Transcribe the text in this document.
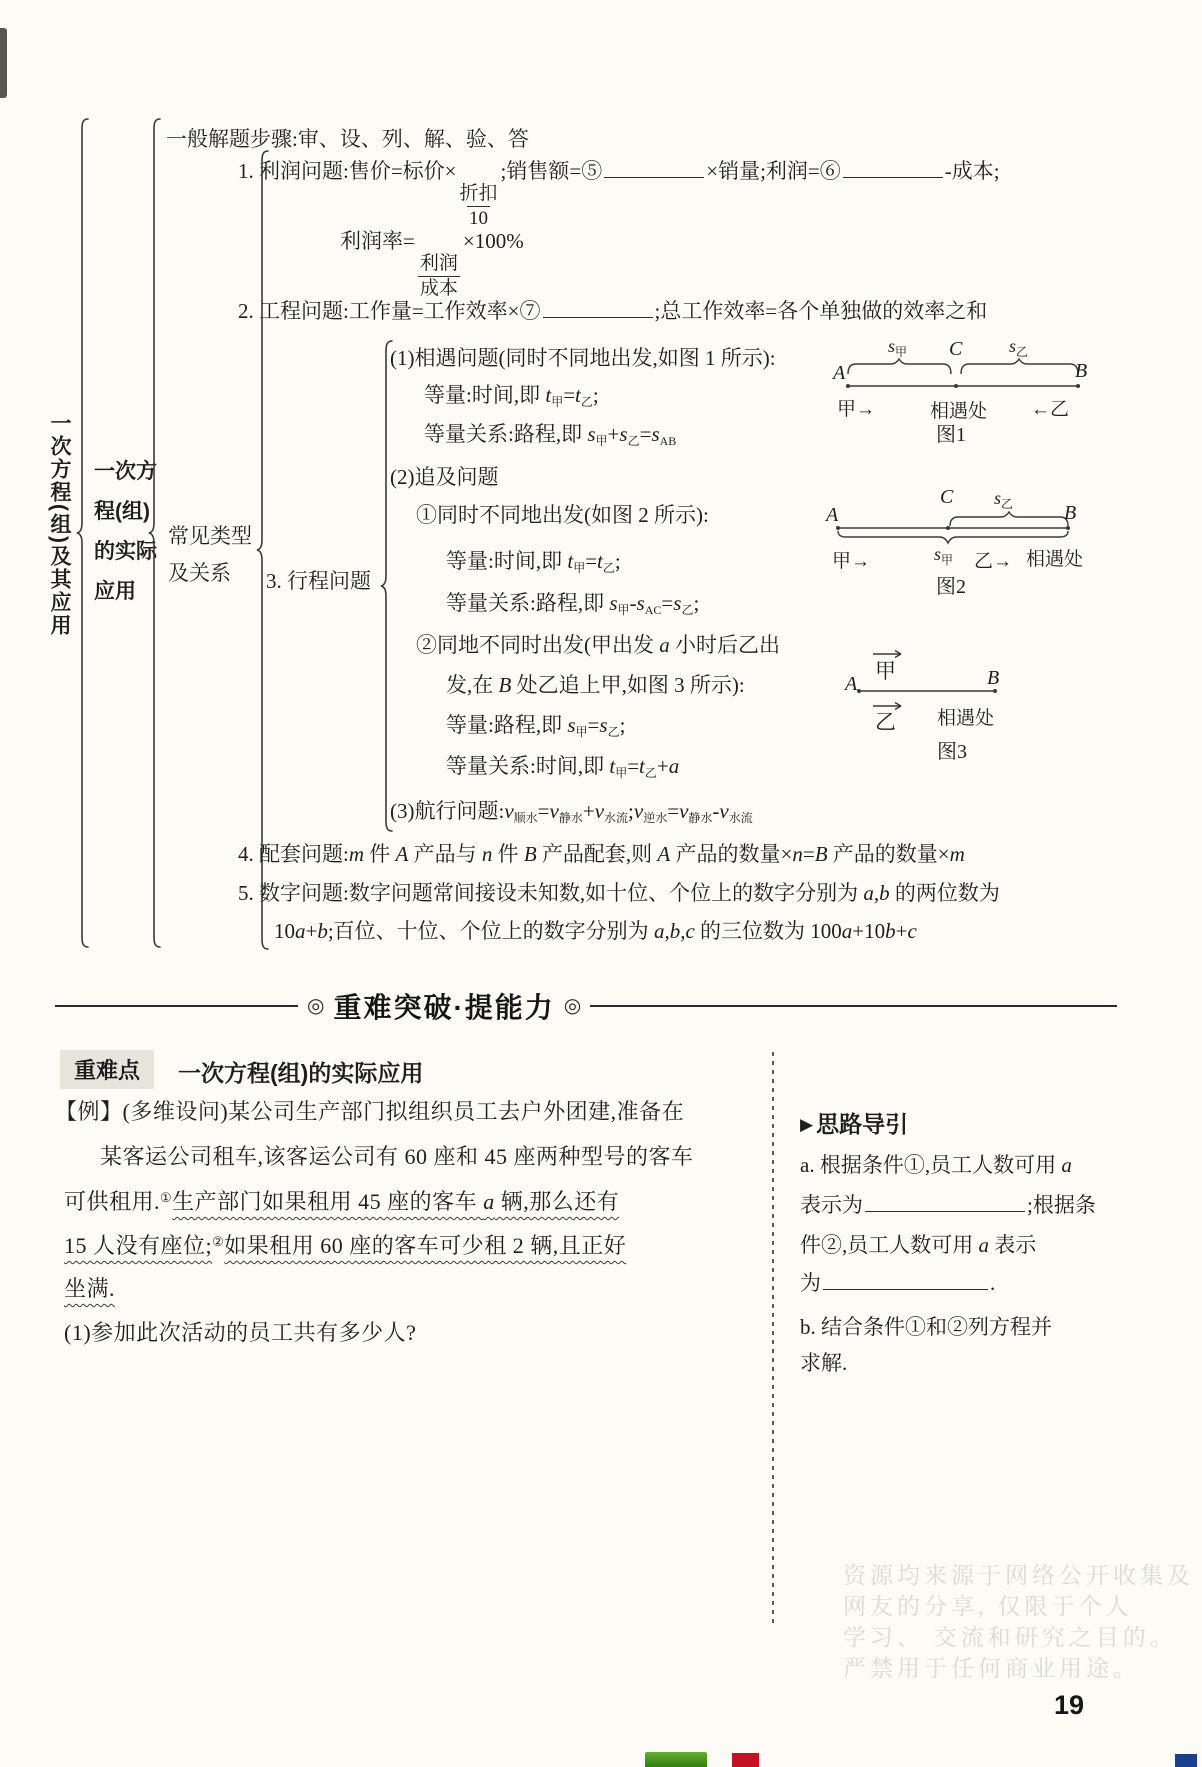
一次方程(组)及其应用 一次方
程(组)
的实际
应用
一般解题步骤:审、设、列、解、验、答
常见类型
及关系
1. 利润问题:售价=标价×
$\frac{\text{折扣}}{10}$
;销售额=⑤	×销量;利润=⑥	-成本;
利润率=
$\frac{\text{利润}}{\text{成本}}$
×100%
2. 工程问题:工作量=工作效率×⑦	;总工作效率=各个单独做的效率之和
3. 行程问题
(1)相遇问题(同时不同地出发,如图 1 所示):
等量:时间,即 $t_甲=t_乙$;
等量关系:路程,即 $s_甲+s_乙=s_{AB}$
(2)追及问题
①同时不同地出发(如图 2 所示):
等量:时间,即 $t_甲=t_乙$;
等量关系:路程,即 $s_甲-s_{AC}=s_乙$;
②同地不同时出发(甲出发 a 小时后乙出
发,在 B 处乙追上甲,如图 3 所示):
等量:路程,即 $s_甲=s_乙$;
等量关系:时间,即 $t_甲=t_乙+a$
(3)航行问题$:v_{顺水}=v_{静水}+v_{水流};v_{逆水}=v_{静水}-v_{水流}$
4. 配套问题:m 件 A 产品与 n 件 B 产品配套,则 A 产品的数量×n=B 产品的数量×m
5. 数字问题:数字问题常间接设未知数,如十位、个位上的数字分别为 a,b 的两位数为
10a+b;百位、十位、个位上的数字分别为 a,b,c 的三位数为 100a+10b+c
$s_甲$ C	$s_乙$
A	B
甲→	相遇处 ←乙
图1
C $s_乙$
A	B
甲→	$s_甲$ 乙→ 相遇处
图2
甲
A	B
乙 相遇处
图3
◎ 重难突破·提能力 ◎
重难点	一次方程(组)的实际应用
【例】(多维设问)某公司生产部门拟组织员工去户外团建,准备在
某客运公司租车,该客运公司有 60 座和 45 座两种型号的客车
可供租用.①生产部门如果租用 45 座的客车 a 辆,那么还有
15 人没有座位;②如果租用 60 座的客车可少租 2 辆,且正好
坐满.
(1)参加此次活动的员工共有多少人?
▶ 思路导引
a. 根据条件①,员工人数可用 a
表示为	;根据条
件②,员工人数可用 a 表示
为	.
b. 结合条件①和②列方程并
求解.
资源均来源于网络公开收集及
网友的分享, 仅限于个人
学习、 交流和研究之目的。
严禁用于任何商业用途。
19
